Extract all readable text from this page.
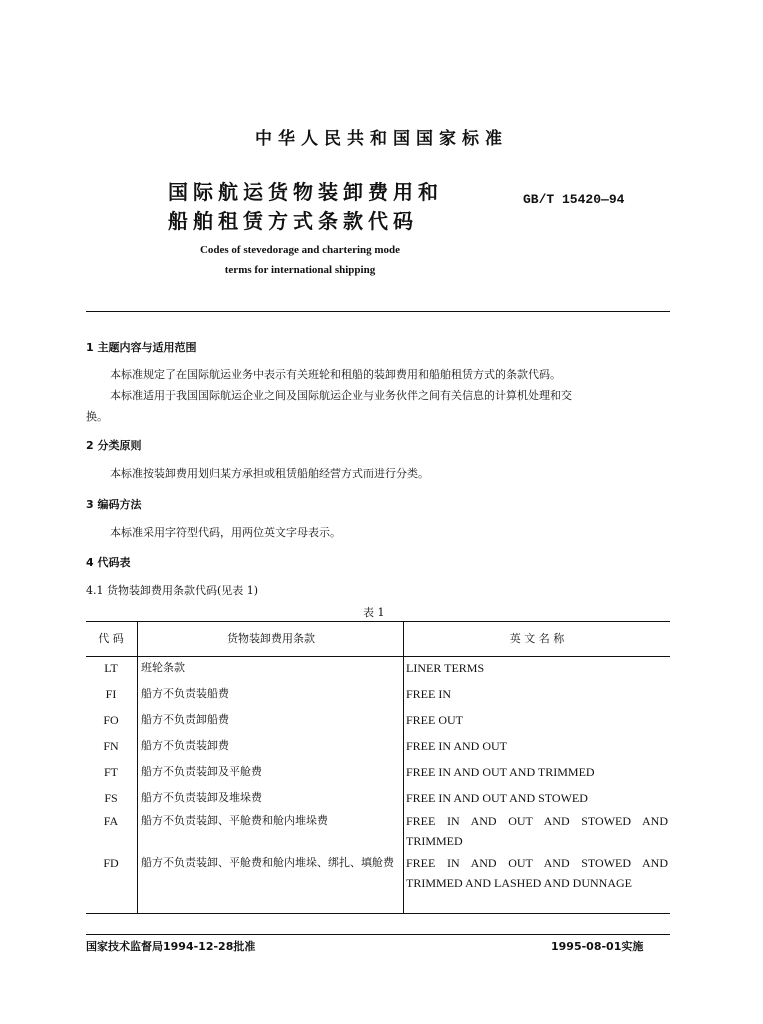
中华人民共和国国家标准
国际航运货物装卸费用和
船舶租赁方式条款代码
GB/T 15420—94
Codes of stevedorage and chartering mode
terms for international shipping
1 主题内容与适用范围
本标准规定了在国际航运业务中表示有关班轮和租船的装卸费用和船舶租赁方式的条款代码。
本标准适用于我国国际航运企业之间及国际航运企业与业务伙伴之间有关信息的计算机处理和交
换。
2 分类原则
本标准按装卸费用划归某方承担或租赁船舶经营方式而进行分类。
3 编码方法
本标准采用字符型代码，用两位英文字母表示。
4 代码表
4.1 货物装卸费用条款代码(见表 1)
表 1
代 码	货物装卸费用条款	英 文 名 称
LT	班轮条款	LINER TERMS
FI	船方不负责装船费	FREE IN
FO	船方不负责卸船费	FREE OUT
FN	船方不负责装卸费	FREE IN AND OUT
FT	船方不负责装卸及平舱费	FREE IN AND OUT AND TRIMMED
FS	船方不负责装卸及堆垛费	FREE IN AND OUT AND STOWED
FA	船方不负责装卸、平舱费和舱内堆垛费	FREE IN AND OUT AND STOWED AND TRIMMED
FD	船方不负责装卸、平舱费和舱内堆垛、绑扎、填舱费	FREE IN AND OUT AND STOWED AND TRIMMED AND LASHED AND DUNNAGE
国家技术监督局1994-12-28批准	1995-08-01实施
